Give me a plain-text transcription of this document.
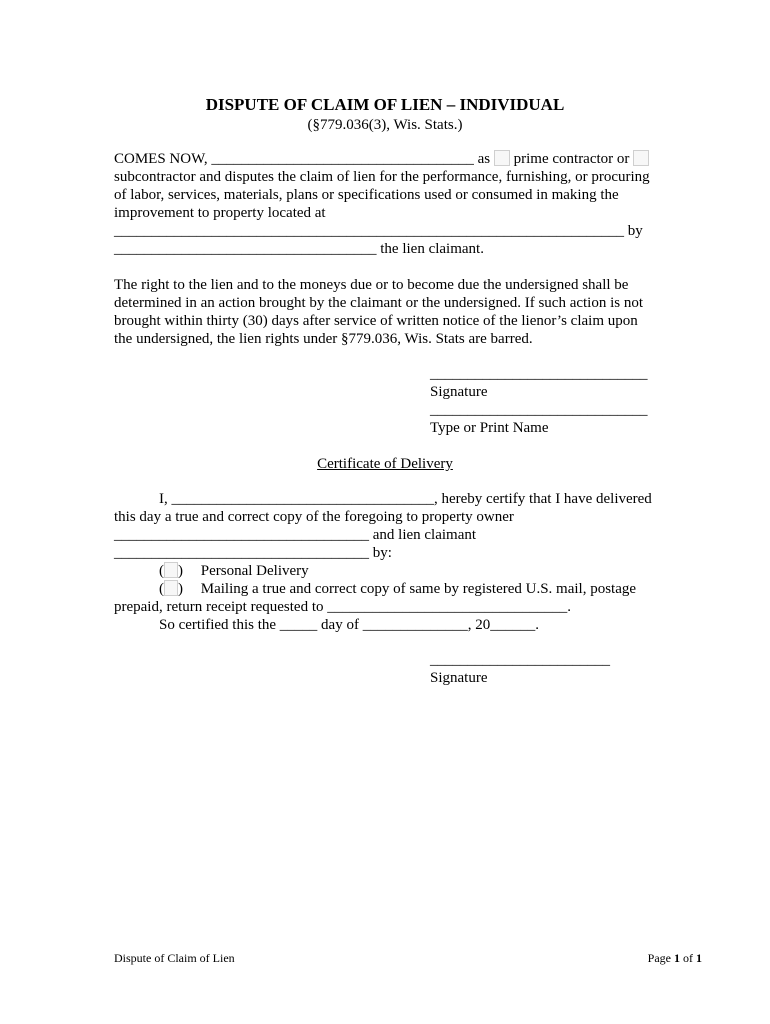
DISPUTE OF CLAIM OF LIEN – INDIVIDUAL
(§779.036(3), Wis. Stats.)
COMES NOW, ___________________________________ as prime contractor or
subcontractor and disputes the claim of lien for the performance, furnishing, or procuring
of labor, services, materials, plans or specifications used or consumed in making the
improvement to property located at
____________________________________________________________________ by
___________________________________ the lien claimant.
The right to the lien and to the moneys due or to become due the undersigned shall be
determined in an action brought by the claimant or the undersigned. If such action is not
brought within thirty (30) days after service of written notice of the lienor’s claim upon
the undersigned, the lien rights under §779.036, Wis. Stats are barred.
_____________________________
Signature
_____________________________
Type or Print Name
Certificate of Delivery
I, ___________________________________, hereby certify that I have delivered
this day a true and correct copy of the foregoing to property owner
__________________________________ and lien claimant
__________________________________ by:
( ) Personal Delivery
( ) Mailing a true and correct copy of same by registered U.S. mail, postage
prepaid, return receipt requested to ________________________________.
So certified this the _____ day of ______________, 20______.
________________________
Signature
Dispute of Claim of Lien	Page 1 of 1
